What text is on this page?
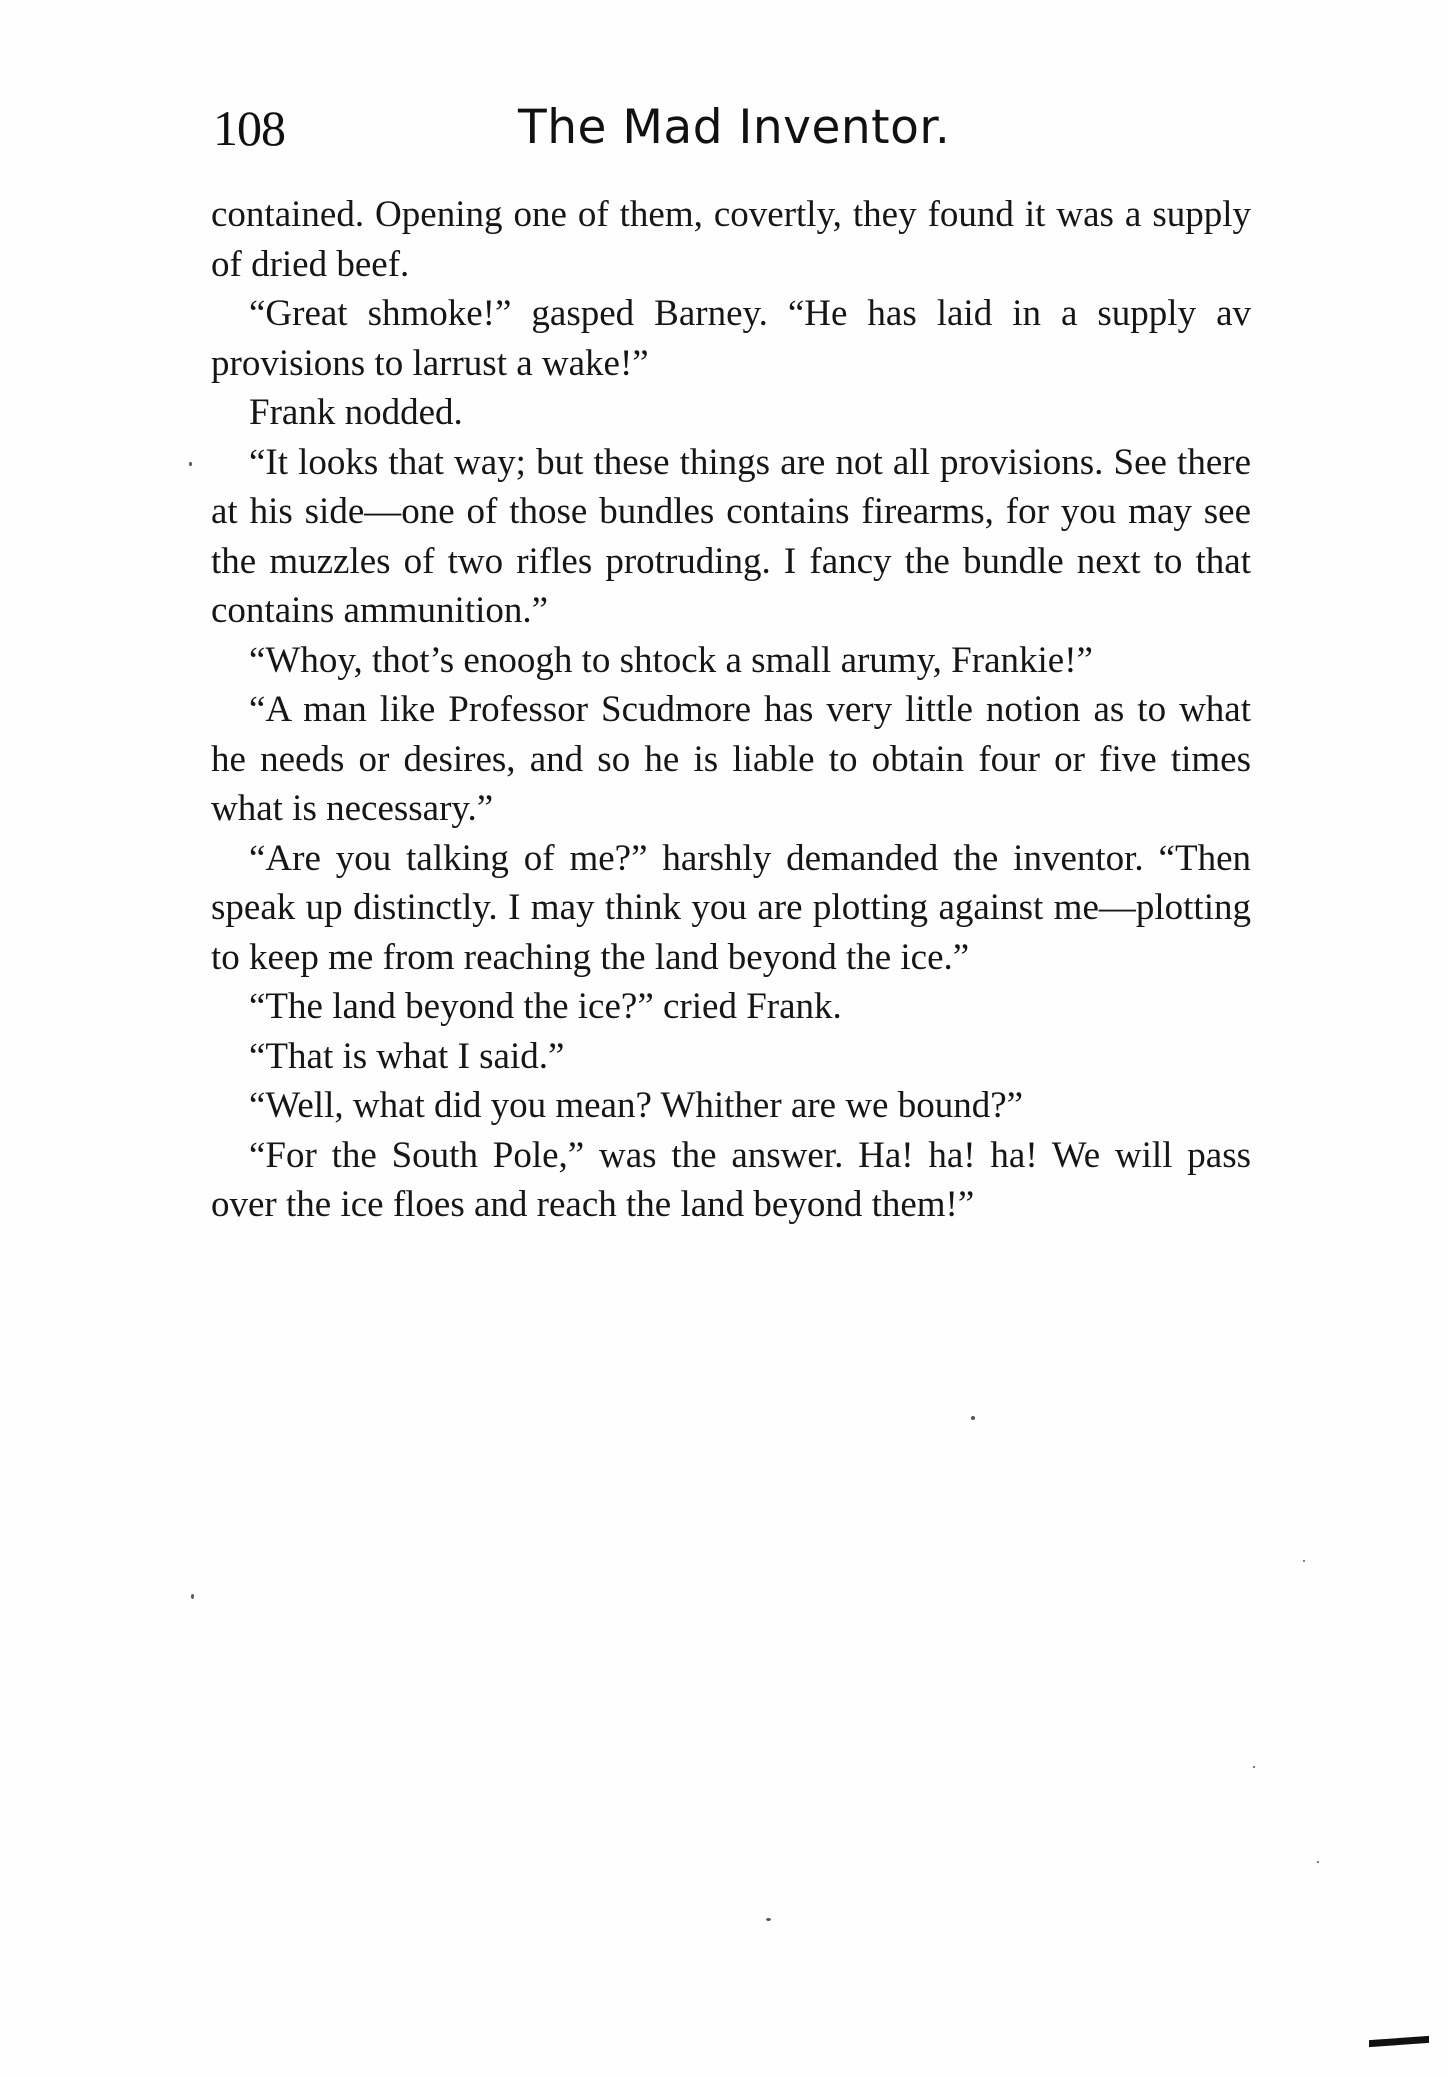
108	The Mad Inventor.

contained. Opening one of them, covertly, they found it was a supply of dried beef.

“Great shmoke!” gasped Barney. “He has laid in a supply av provisions to larrust a wake!”

Frank nodded.

“It looks that way; but these things are not all provisions. See there at his side—one of those bundles contains firearms, for you may see the muzzles of two rifles protruding. I fancy the bundle next to that contains ammunition.”

“Whoy, thot’s enoogh to shtock a small arumy, Frankie!”

“A man like Professor Scudmore has very little notion as to what he needs or desires, and so he is liable to obtain four or five times what is necessary.”

“Are you talking of me?” harshly demanded the inventor. “Then speak up distinctly. I may think you are plotting against me—plotting to keep me from reaching the land beyond the ice.”

“The land beyond the ice?” cried Frank.

“That is what I said.”

“Well, what did you mean? Whither are we bound?”

“For the South Pole,” was the answer. Ha! ha! ha! We will pass over the ice floes and reach the land beyond them!”
